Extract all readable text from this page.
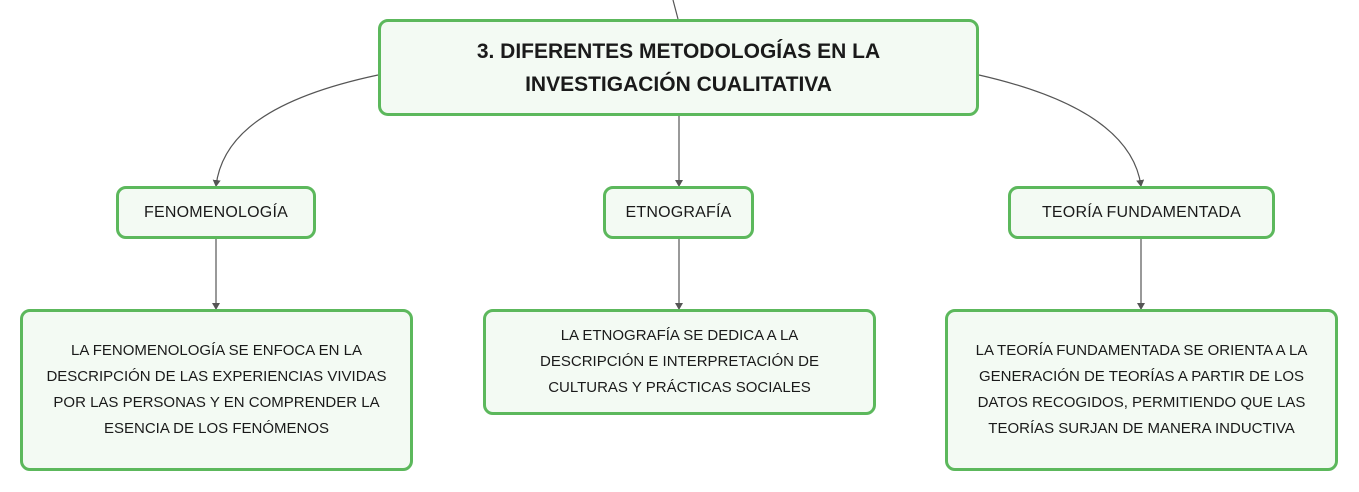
3. DIFERENTES METODOLOGÍAS EN LA INVESTIGACIÓN CUALITATIVA
FENOMENOLOGÍA	ETNOGRAFÍA	TEORÍA FUNDAMENTADA
LA FENOMENOLOGÍA SE ENFOCA EN LA DESCRIPCIÓN DE LAS EXPERIENCIAS VIVIDAS POR LAS PERSONAS Y EN COMPRENDER LA ESENCIA DE LOS FENÓMENOS
LA ETNOGRAFÍA SE DEDICA A LA DESCRIPCIÓN E INTERPRETACIÓN DE CULTURAS Y PRÁCTICAS SOCIALES
LA TEORÍA FUNDAMENTADA SE ORIENTA A LA GENERACIÓN DE TEORÍAS A PARTIR DE LOS DATOS RECOGIDOS, PERMITIENDO QUE LAS TEORÍAS SURJAN DE MANERA INDUCTIVA
